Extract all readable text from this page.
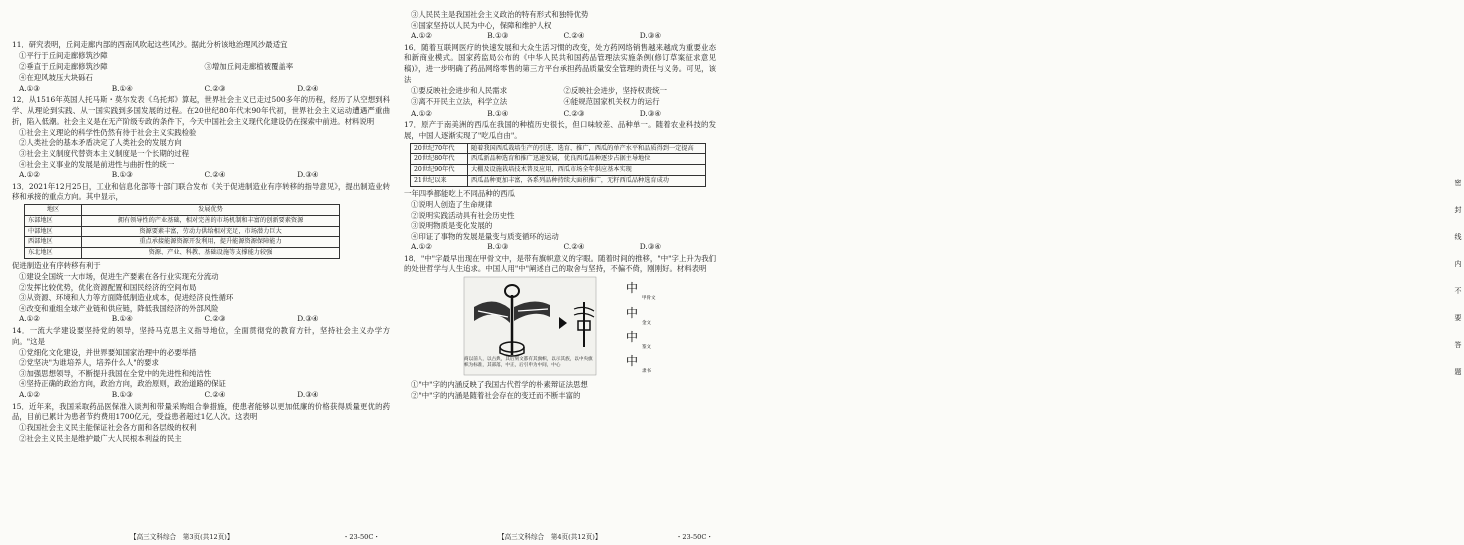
11．研究表明，丘间走廊内部的西南风吹起这些风沙。据此分析该地治理风沙最适宜

①平行于丘间走廊修筑沙障

②垂直于丘间走廊修筑沙障	③增加丘间走廊植被覆盖率

④在迎风坡压大块砾石

A.①③	B.①④	C.②③	D.②④

12．从1516年英国人托马斯・莫尔发表《乌托邦》算起，世界社会主义已走过500多年的历程，经历了从空想到科学、从理论到实践、从一国实践到多国发展的过程。在20世纪80年代末90年代初，世界社会主义运动遭遇严重曲折，陷入低潮。社会主义是在无产阶级专政的条件下，今天中国社会主义现代化建设仍在探索中前进。材料说明

①社会主义理论的科学性仍然有待于社会主义实践检验

②人类社会的基本矛盾决定了人类社会的发展方向

③社会主义制度代替资本主义制度是一个长期的过程

④社会主义事业的发展是前进性与曲折性的统一

A.①②	B.①③	C.②④	D.③④

13．2021年12月25日，工业和信息化部等十部门联合发布《关于促进制造业有序转移的指导意见》，提出制造业转移和承接的重点方向。其中显示，

地区	发展优势
东部地区	拥有领导性的产业基础，相对完善的市场机制和丰富的创新要素资源
中部地区	资源要素丰富，劳动力供给相对充足，市场潜力巨大
西部地区	重点承接能源资源开发利用，提升能源资源保障能力
东北地区	资源、产业、科教、基础设施等支撑能力较强

促进制造业有序转移有利于

①建设全国统一大市场，促进生产要素在各行业实现充分流动

②发挥比较优势，优化资源配置和国民经济的空间布局

③从资源、环境和人力等方面降低制造业成本，促进经济良性循环

④改变和重组全球产业链和供应链，降低我国经济的外部风险

A.①②	B.①④	C.②③	D.③④

14．一流大学建设要坚持党的领导，坚持马克思主义指导地位，全面贯彻党的教育方针，坚持社会主义办学方向。"这是

①党细化文化建设，并世界要知国家治理中的必要举措

②党坚决"为谁培养人，培养什么人"的要求

③加强思想领导，不断提升我国在全党中的先进性和纯洁性

④坚持正确的政治方向，政治方向，政治原则，政治道路的保证

A.①②	B.①③	C.②④	D.③④

15．近年来，我国采取药品医保准入谈判和带量采购组合拳措施，使患者能够以更加低廉的价格获得质量更优的药品，目前已累计为患者节约费用1700亿元，受益患者超过1亿人次。这表明

①我国社会主义民主能保证社会各方面和各层级的权利

②社会主义民主是维护最广大人民根本利益的民主

【高三文科综合　第3页(共12页)】	・23-50C・

③人民民主是我国社会主义政治的特有形式和独特优势

④国家坚持以人民为中心，保障和维护人权

A.①②	B.①③	C.②④	D.③④

16．随着互联网医疗的快速发展和大众生活习惯的改变，处方药网络销售越来越成为重要业态和新商业模式。国家药监局公布的《中华人民共和国药品管理法实施条例(修订草案征求意见稿)》，进一步明确了药品网络零售的第三方平台承担药品质量安全管理的责任与义务。可见，该法

①要反映社会进步和人民需求	②反映社会进步，坚持权责统一
③离不开民主立法，科学立法	④能规范国家机关权力的运行
A.①②	B.①④	C.②③	D.③④

17．原产于南美洲的西瓜在我国的种植历史很长，但口味较差、品种单一。随着农业科技的发展，中国人逐渐实现了"吃瓜自由"。

20世纪70年代	随着我国西瓜栽培生产的引进、选育、推广，西瓜的单产水平和品质得到一定提高
20世纪80年代	西瓜新品种选育和推广迅速发展，优良西瓜品种逐步占据主导地位
20世纪90年代	大棚及设施栽培技术普及应用，西瓜市场全年供应基本实现
21世纪以来	西瓜品种更加丰富，各系列品种持续大面积推广，无籽西瓜品种选育成功

一年四季都能吃上不同品种的西瓜

①说明人创造了生命规律

②说明实践活动具有社会历史性

③说明物质是变化发展的

④印证了事物的发展是量变与质变循环的运动

A.①②	B.①③	C.②④	D.③④

18．"中"字最早出现在甲骨文中，是带有旗帜意义的字眼。随着时间的推移，"中"字上升为我们的处世哲学与人生追求。中国人用"中"阐述自己的取舍与坚持，不偏不倚，刚刚好。材料表明

中
中
中
中
甲骨文
金文
篆文
隶书
商以前人，以古典，其后刻文都有其旗帜，以示其族，以中央旗帜为标准，其部落，中正，后引申为中间，中心

①"中"字的内涵反映了我国古代哲学的朴素辩证法思想

②"中"字的内涵是随着社会存在的变迁而不断丰富的

【高三文科综合　第4页(共12页)】	・23-50C・
密
封
线
内
不
要
答
题
